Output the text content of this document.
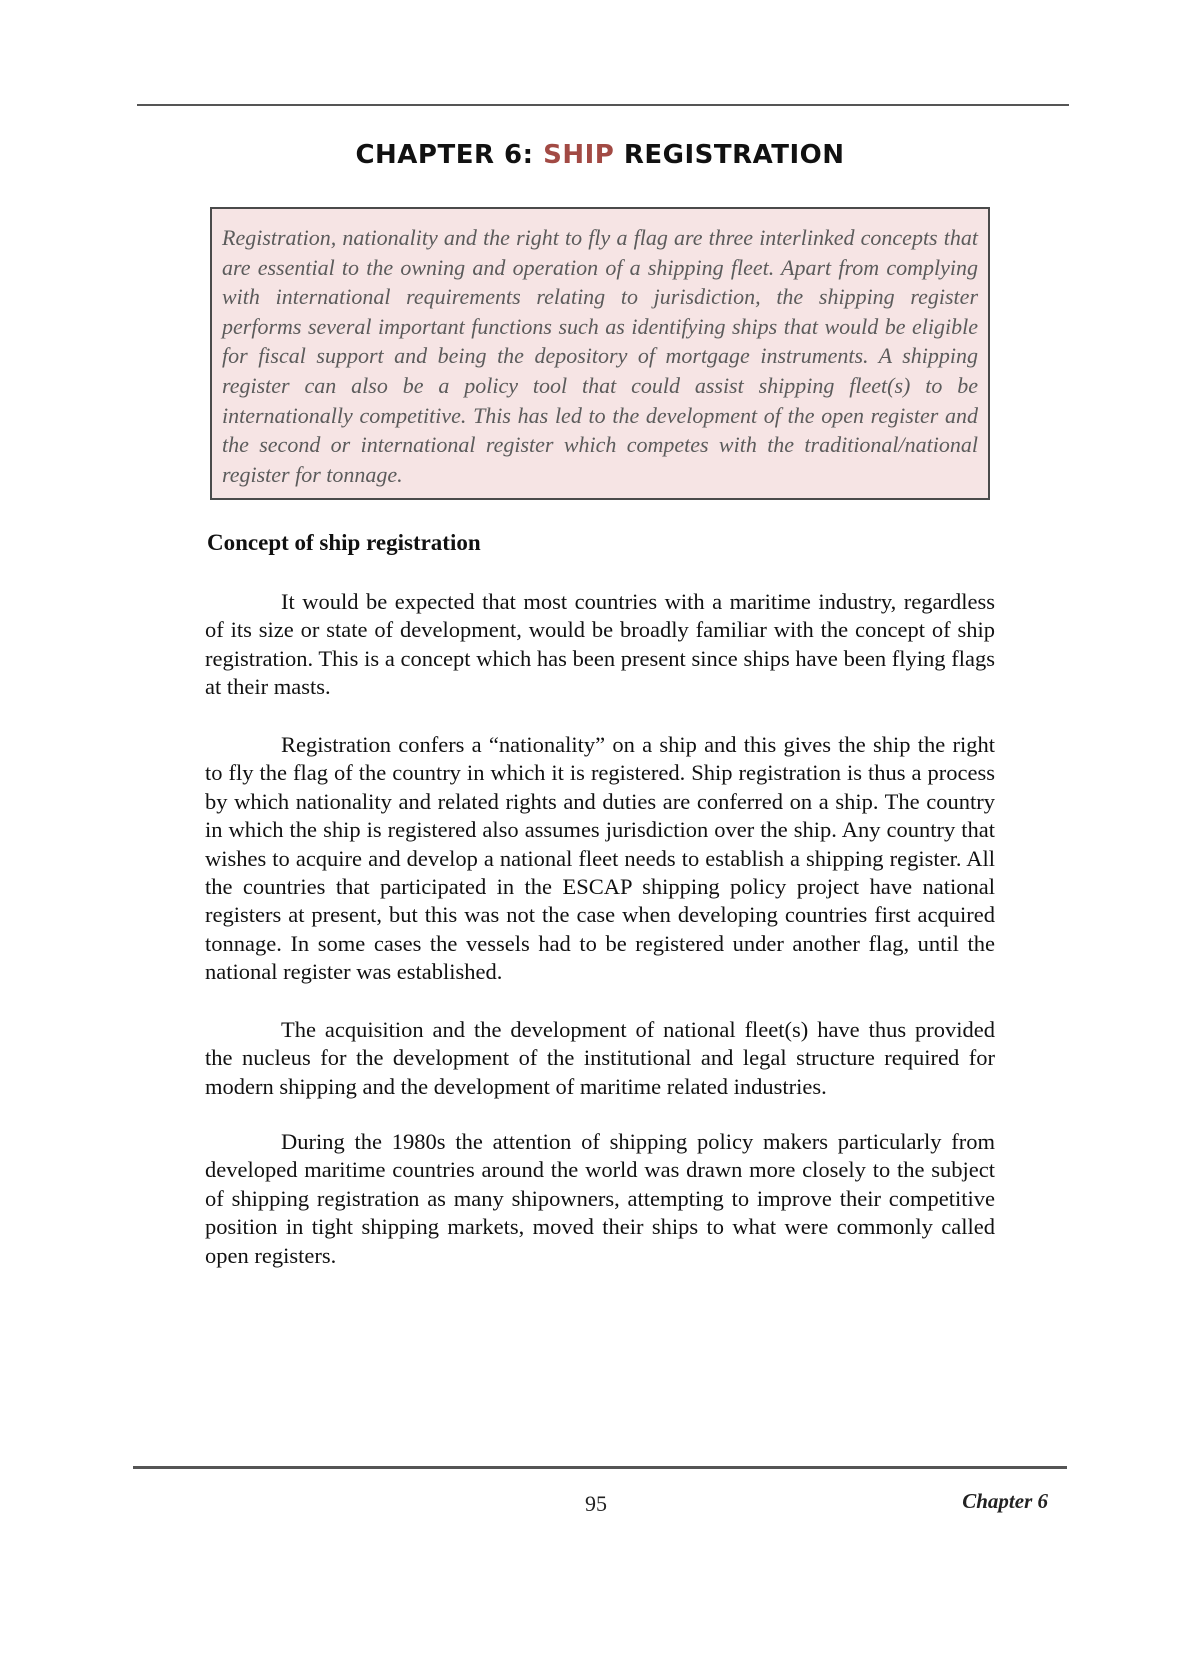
CHAPTER 6: SHIP REGISTRATION
Registration, nationality and the right to fly a flag are three interlinked concepts that are essential to the owning and operation of a shipping fleet. Apart from complying with international requirements relating to jurisdiction, the shipping register performs several important functions such as identifying ships that would be eligible for fiscal support and being the depository of mortgage instruments. A shipping register can also be a policy tool that could assist shipping fleet(s) to be internationally competitive. This has led to the development of the open register and the second or international register which competes with the traditional/national register for tonnage.
Concept of ship registration

It would be expected that most countries with a maritime industry, regardless of its size or state of development, would be broadly familiar with the concept of ship registration. This is a concept which has been present since ships have been flying flags at their masts.

Registration confers a “nationality” on a ship and this gives the ship the right to fly the flag of the country in which it is registered. Ship registration is thus a process by which nationality and related rights and duties are conferred on a ship. The country in which the ship is registered also assumes jurisdiction over the ship. Any country that wishes to acquire and develop a national fleet needs to establish a shipping register. All the countries that participated in the ESCAP shipping policy project have national registers at present, but this was not the case when developing countries first acquired tonnage. In some cases the vessels had to be registered under another flag, until the national register was established.

The acquisition and the development of national fleet(s) have thus provided the nucleus for the development of the institutional and legal structure required for modern shipping and the development of maritime related industries.

During the 1980s the attention of shipping policy makers particularly from developed maritime countries around the world was drawn more closely to the subject of shipping registration as many shipowners, attempting to improve their competitive position in tight shipping markets, moved their ships to what were commonly called open registers.

95	Chapter 6
